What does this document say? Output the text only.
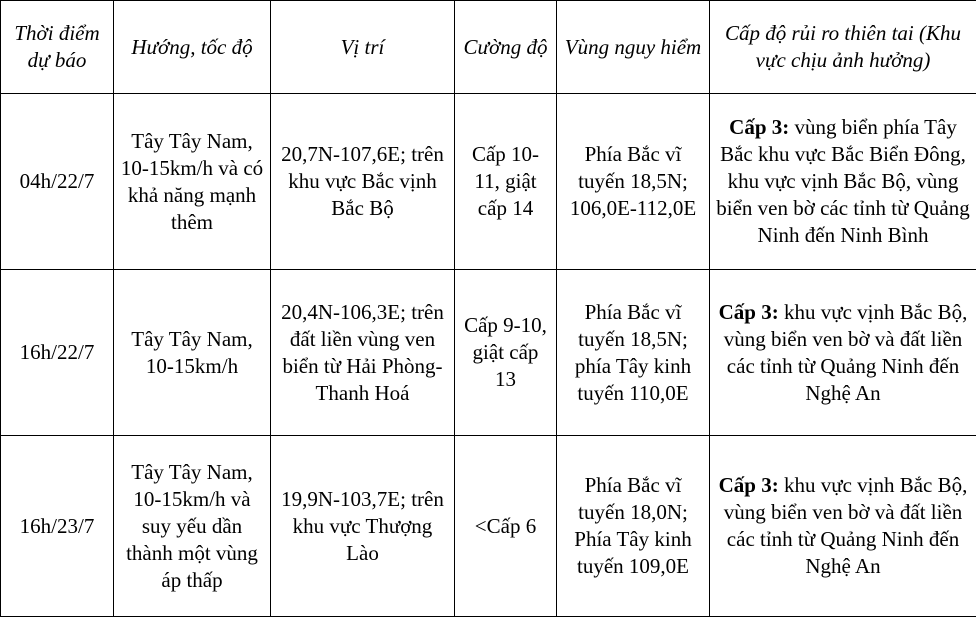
Thời điểm dự báo	Hướng, tốc độ	Vị trí	Cường độ	Vùng nguy hiểm	Cấp độ rủi ro thiên tai (Khu vực chịu ảnh hưởng)
04h/22/7	Tây Tây Nam, 10-15km/h và có khả năng mạnh thêm	20,7N-107,6E; trên khu vực Bắc vịnh Bắc Bộ	Cấp 10-11, giật cấp 14	Phía Bắc vĩ tuyến 18,5N; 106,0E-112,0E	Cấp 3: vùng biển phía Tây Bắc khu vực Bắc Biển Đông, khu vực vịnh Bắc Bộ, vùng biển ven bờ các tỉnh từ Quảng Ninh đến Ninh Bình
16h/22/7	Tây Tây Nam, 10-15km/h	20,4N-106,3E; trên đất liền vùng ven biển từ Hải Phòng-Thanh Hoá	Cấp 9-10, giật cấp 13	Phía Bắc vĩ tuyến 18,5N; phía Tây kinh tuyến 110,0E	Cấp 3: khu vực vịnh Bắc Bộ, vùng biển ven bờ và đất liền các tỉnh từ Quảng Ninh đến Nghệ An
16h/23/7	Tây Tây Nam, 10-15km/h và suy yếu dần thành một vùng áp thấp	19,9N-103,7E; trên khu vực Thượng Lào	<Cấp 6	Phía Bắc vĩ tuyến 18,0N; Phía Tây kinh tuyến 109,0E	Cấp 3: khu vực vịnh Bắc Bộ, vùng biển ven bờ và đất liền các tỉnh từ Quảng Ninh đến Nghệ An
